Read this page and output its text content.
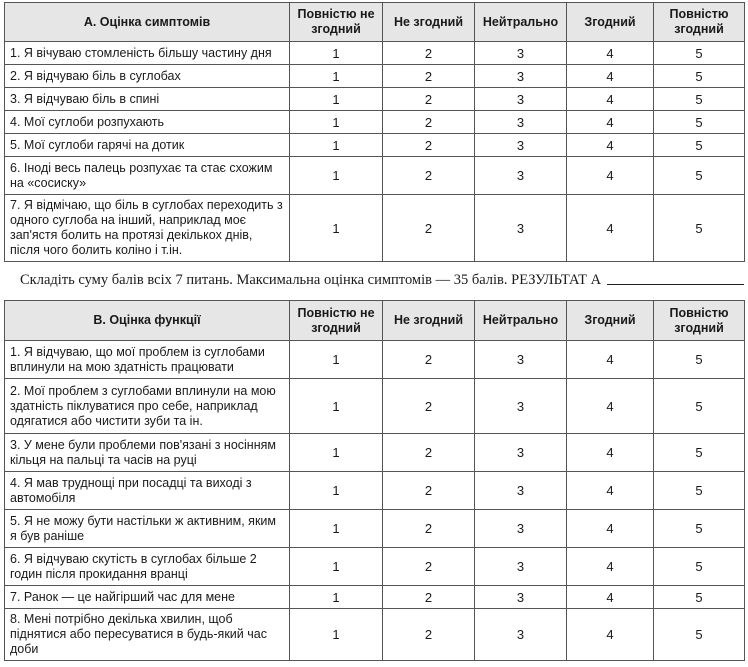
А. Оцінка симптомів	Повністю не згодний	Не згодний	Нейтрально	Згодний	Повністю згодний
1. Я вічуваю стомленість більшу частину дня	1	2	3	4	5
2. Я відчуваю біль в суглобах	1	2	3	4	5
3. Я відчуваю біль в спині	1	2	3	4	5
4. Мої суглоби розпухають	1	2	3	4	5
5. Мої суглоби гарячі на дотик	1	2	3	4	5
6. Іноді весь палець розпухає та стає схожим на «сосиску»	1	2	3	4	5
7. Я відмічаю, що біль в суглобах переходить з одного суглоба на інший, наприклад моє зап'ястя болить на протязі декількох днів, після чого болить коліно і т.ін.	1	2	3	4	5
Складіть суму балів всіх 7 питань. Максимальна оцінка симптомів — 35 балів. РЕЗУЛЬТАТ А
В. Оцінка функції	Повністю не згодний	Не згодний	Нейтрально	Згодний	Повністю згодний
1. Я відчуваю, що мої проблем із суглобами вплинули на мою здатність працювати	1	2	3	4	5
2. Мої проблем з суглобами вплинули на мою здатність піклуватися про себе, наприклад одягатися або чистити зуби та ін.	1	2	3	4	5
3. У мене були проблеми пов'язані з носінням кільця на пальці та часів на руці	1	2	3	4	5
4. Я мав труднощі при посадці та виході з автомобіля	1	2	3	4	5
5. Я не можу бути настільки ж активним, яким я був раніше	1	2	3	4	5
6. Я відчуваю скутість в суглобах більше 2 годин після прокидання вранці	1	2	3	4	5
7. Ранок — це найгірший час для мене	1	2	3	4	5
8. Мені потрібно декілька хвилин, щоб піднятися або пересуватися в будь-який час доби	1	2	3	4	5
